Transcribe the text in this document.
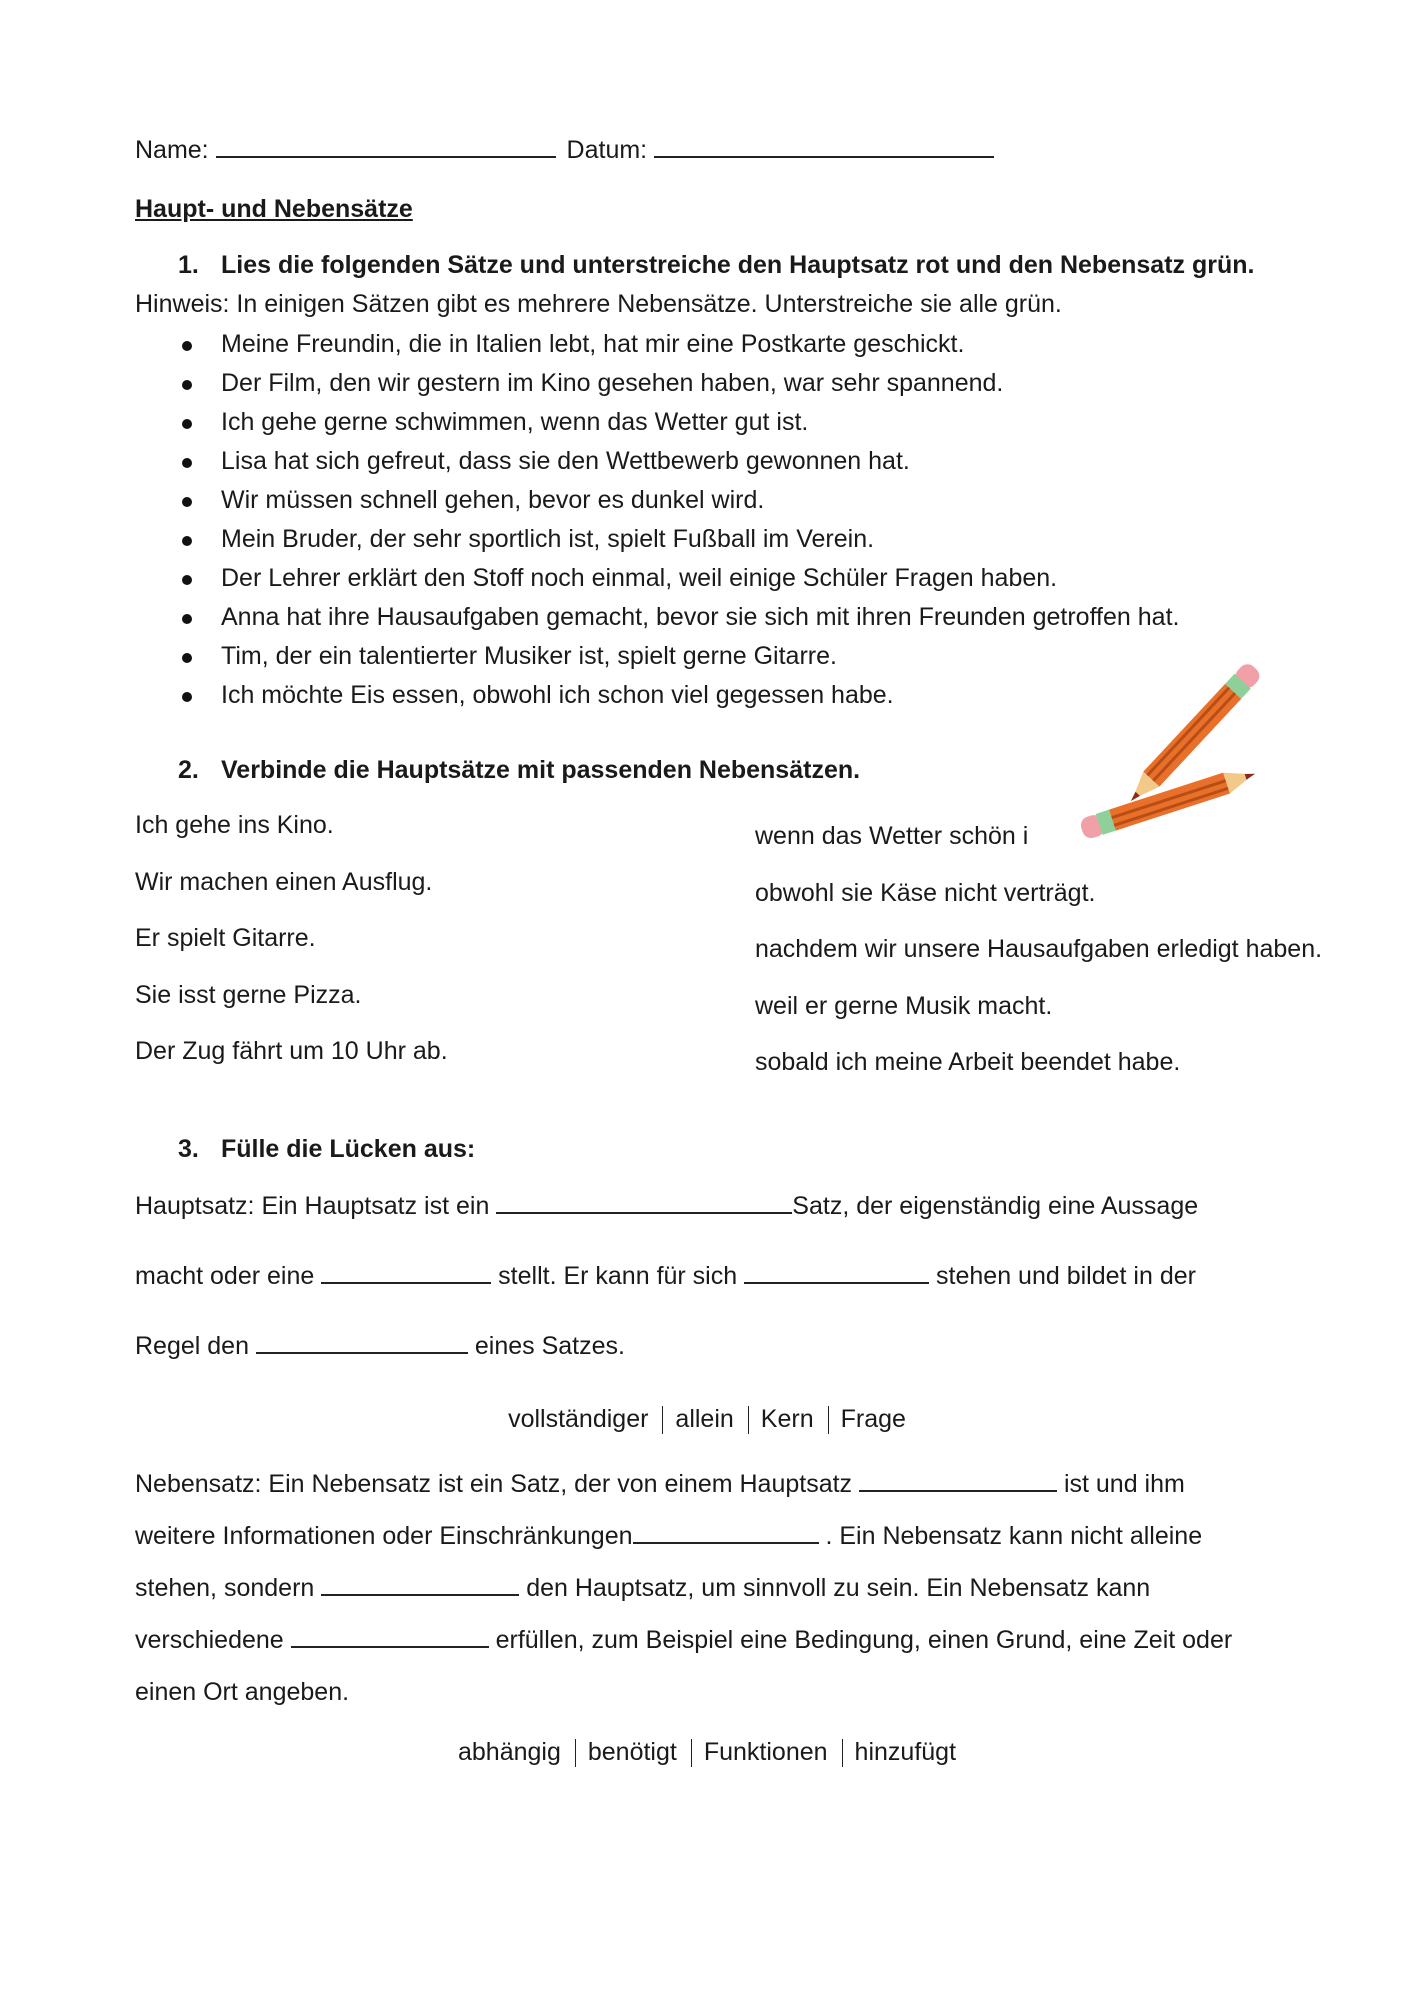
Name:	Datum:
Haupt- und Nebensätze
1. Lies die folgenden Sätze und unterstreiche den Hauptsatz rot und den Nebensatz grün.
Hinweis: In einigen Sätzen gibt es mehrere Nebensätze. Unterstreiche sie alle grün.
Meine Freundin, die in Italien lebt, hat mir eine Postkarte geschickt.
Der Film, den wir gestern im Kino gesehen haben, war sehr spannend.
Ich gehe gerne schwimmen, wenn das Wetter gut ist.
Lisa hat sich gefreut, dass sie den Wettbewerb gewonnen hat.
Wir müssen schnell gehen, bevor es dunkel wird.
Mein Bruder, der sehr sportlich ist, spielt Fußball im Verein.
Der Lehrer erklärt den Stoff noch einmal, weil einige Schüler Fragen haben.
Anna hat ihre Hausaufgaben gemacht, bevor sie sich mit ihren Freunden getroffen hat.
Tim, der ein talentierter Musiker ist, spielt gerne Gitarre.
Ich möchte Eis essen, obwohl ich schon viel gegessen habe.
2. Verbinde die Hauptsätze mit passenden Nebensätzen.
Ich gehe ins Kino.
Wir machen einen Ausflug.
Er spielt Gitarre.
Sie isst gerne Pizza.
Der Zug fährt um 10 Uhr ab.
wenn das Wetter schön i
obwohl sie Käse nicht verträgt.
nachdem wir unsere Hausaufgaben erledigt haben.
weil er gerne Musik macht.
sobald ich meine Arbeit beendet habe.
3. Fülle die Lücken aus:
Hauptsatz: Ein Hauptsatz ist ein	Satz, der eigenständig eine Aussage
macht oder eine	stellt. Er kann für sich	stehen und bildet in der
Regel den	eines Satzes.
vollständiger allein Kern Frage
Nebensatz: Ein Nebensatz ist ein Satz, der von einem Hauptsatz	ist und ihm
weitere Informationen oder Einschränkungen	. Ein Nebensatz kann nicht alleine
stehen, sondern	den Hauptsatz, um sinnvoll zu sein. Ein Nebensatz kann
verschiedene	erfüllen, zum Beispiel eine Bedingung, einen Grund, eine Zeit oder
einen Ort angeben.
abhängig benötigt Funktionen hinzufügt
